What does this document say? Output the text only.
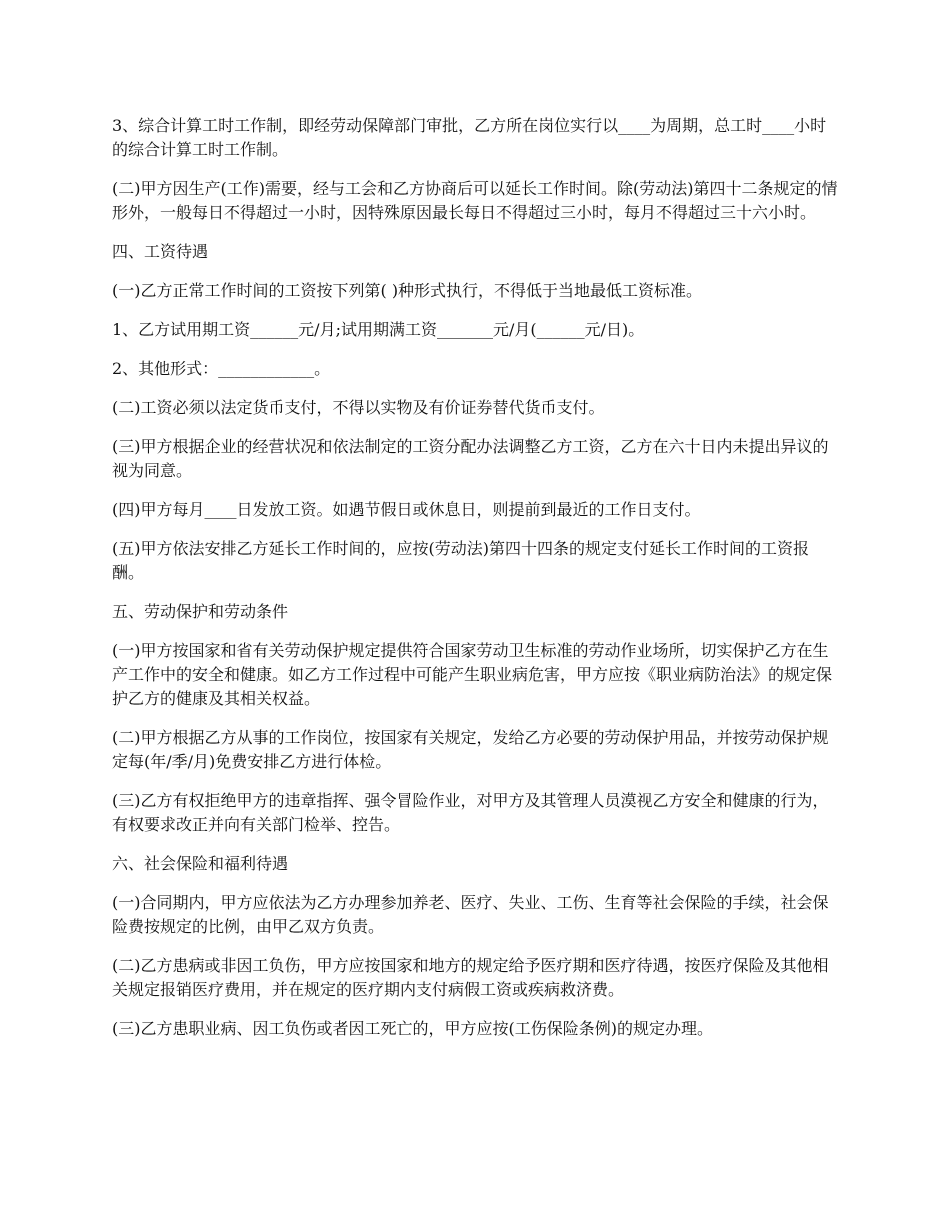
3、综合计算工时工作制，即经劳动保障部门审批，乙方所在岗位实行以____为周期，总工时____小时的综合计算工时工作制。

(二)甲方因生产(工作)需要，经与工会和乙方协商后可以延长工作时间。除(劳动法)第四十二条规定的情形外，一般每日不得超过一小时，因特殊原因最长每日不得超过三小时，每月不得超过三十六小时。

四、工资待遇

(一)乙方正常工作时间的工资按下列第( )种形式执行，不得低于当地最低工资标准。

1、乙方试用期工资______元/月;试用期满工资_______元/月(______元/日)。

2、其他形式：____________。

(二)工资必须以法定货币支付，不得以实物及有价证券替代货币支付。

(三)甲方根据企业的经营状况和依法制定的工资分配办法调整乙方工资，乙方在六十日内未提出异议的视为同意。

(四)甲方每月____日发放工资。如遇节假日或休息日，则提前到最近的工作日支付。

(五)甲方依法安排乙方延长工作时间的，应按(劳动法)第四十四条的规定支付延长工作时间的工资报酬。

五、劳动保护和劳动条件

(一)甲方按国家和省有关劳动保护规定提供符合国家劳动卫生标准的劳动作业场所，切实保护乙方在生产工作中的安全和健康。如乙方工作过程中可能产生职业病危害，甲方应按《职业病防治法》的规定保护乙方的健康及其相关权益。

(二)甲方根据乙方从事的工作岗位，按国家有关规定，发给乙方必要的劳动保护用品，并按劳动保护规定每(年/季/月)免费安排乙方进行体检。

(三)乙方有权拒绝甲方的违章指挥、强令冒险作业，对甲方及其管理人员漠视乙方安全和健康的行为，有权要求改正并向有关部门检举、控告。

六、社会保险和福利待遇

(一)合同期内，甲方应依法为乙方办理参加养老、医疗、失业、工伤、生育等社会保险的手续，社会保险费按规定的比例，由甲乙双方负责。

(二)乙方患病或非因工负伤，甲方应按国家和地方的规定给予医疗期和医疗待遇，按医疗保险及其他相关规定报销医疗费用，并在规定的医疗期内支付病假工资或疾病救济费。

(三)乙方患职业病、因工负伤或者因工死亡的，甲方应按(工伤保险条例)的规定办理。
